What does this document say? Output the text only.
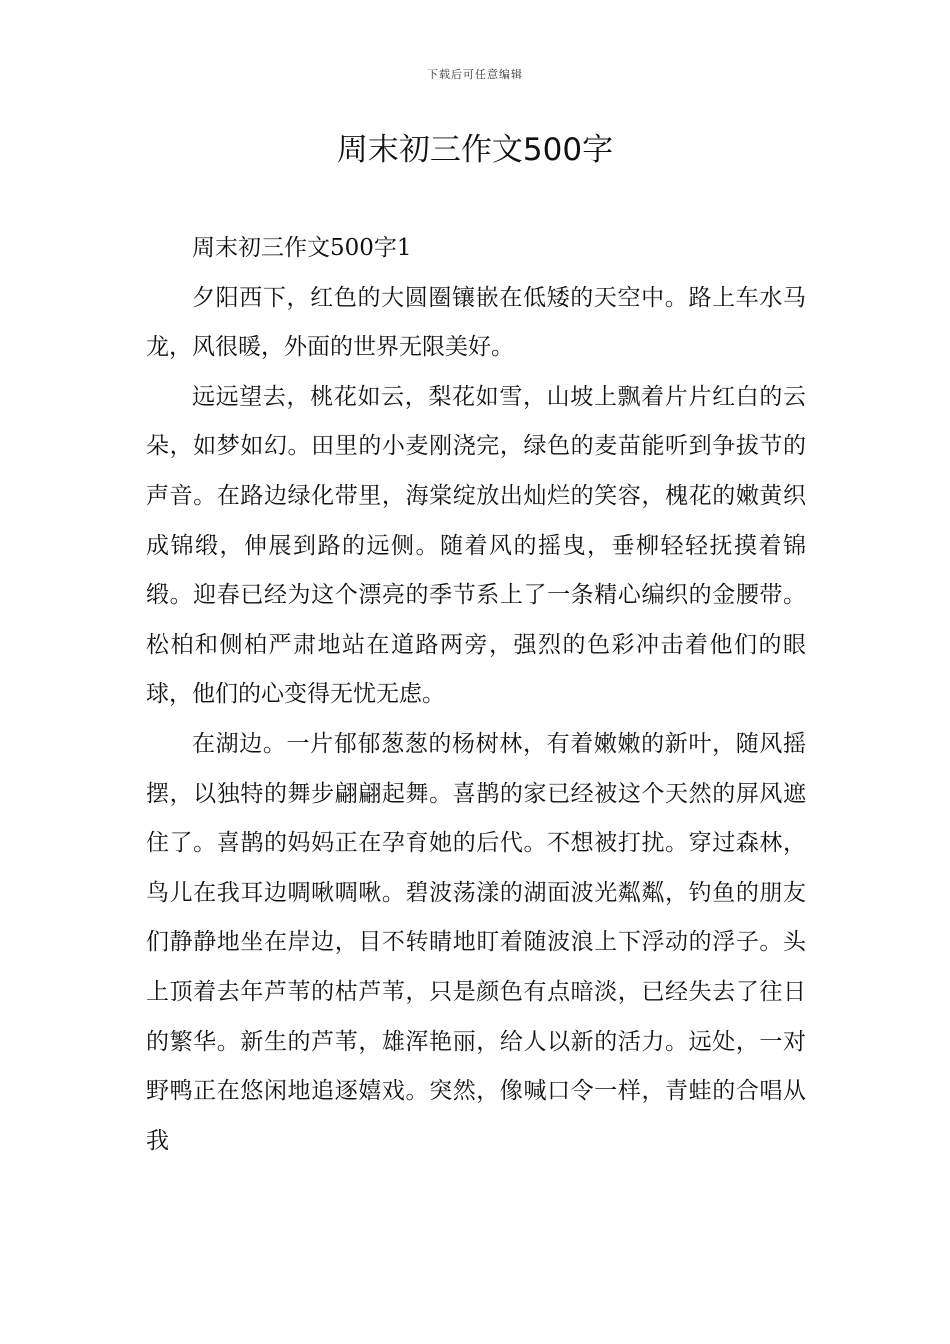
下载后可任意编辑
周末初三作文500字

周末初三作文500字1

夕阳西下，红色的大圆圈镶嵌在低矮的天空中。路上车水马龙，风很暖，外面的世界无限美好。

远远望去，桃花如云，梨花如雪，山坡上飘着片片红白的云朵，如梦如幻。田里的小麦刚浇完，绿色的麦苗能听到争拔节的声音。在路边绿化带里，海棠绽放出灿烂的笑容，槐花的嫩黄织成锦缎，伸展到路的远侧。随着风的摇曳，垂柳轻轻抚摸着锦缎。迎春已经为这个漂亮的季节系上了一条精心编织的金腰带。松柏和侧柏严肃地站在道路两旁，强烈的色彩冲击着他们的眼球，他们的心变得无忧无虑。

在湖边。一片郁郁葱葱的杨树林，有着嫩嫩的新叶，随风摇摆，以独特的舞步翩翩起舞。喜鹊的家已经被这个天然的屏风遮住了。喜鹊的妈妈正在孕育她的后代。不想被打扰。穿过森林，鸟儿在我耳边啁啾啁啾。碧波荡漾的湖面波光粼粼，钓鱼的朋友们静静地坐在岸边，目不转睛地盯着随波浪上下浮动的浮子。头上顶着去年芦苇的枯芦苇，只是颜色有点暗淡，已经失去了往日的繁华。新生的芦苇，雄浑艳丽，给人以新的活力。远处，一对野鸭正在悠闲地追逐嬉戏。突然，像喊口令一样，青蛙的合唱从我
